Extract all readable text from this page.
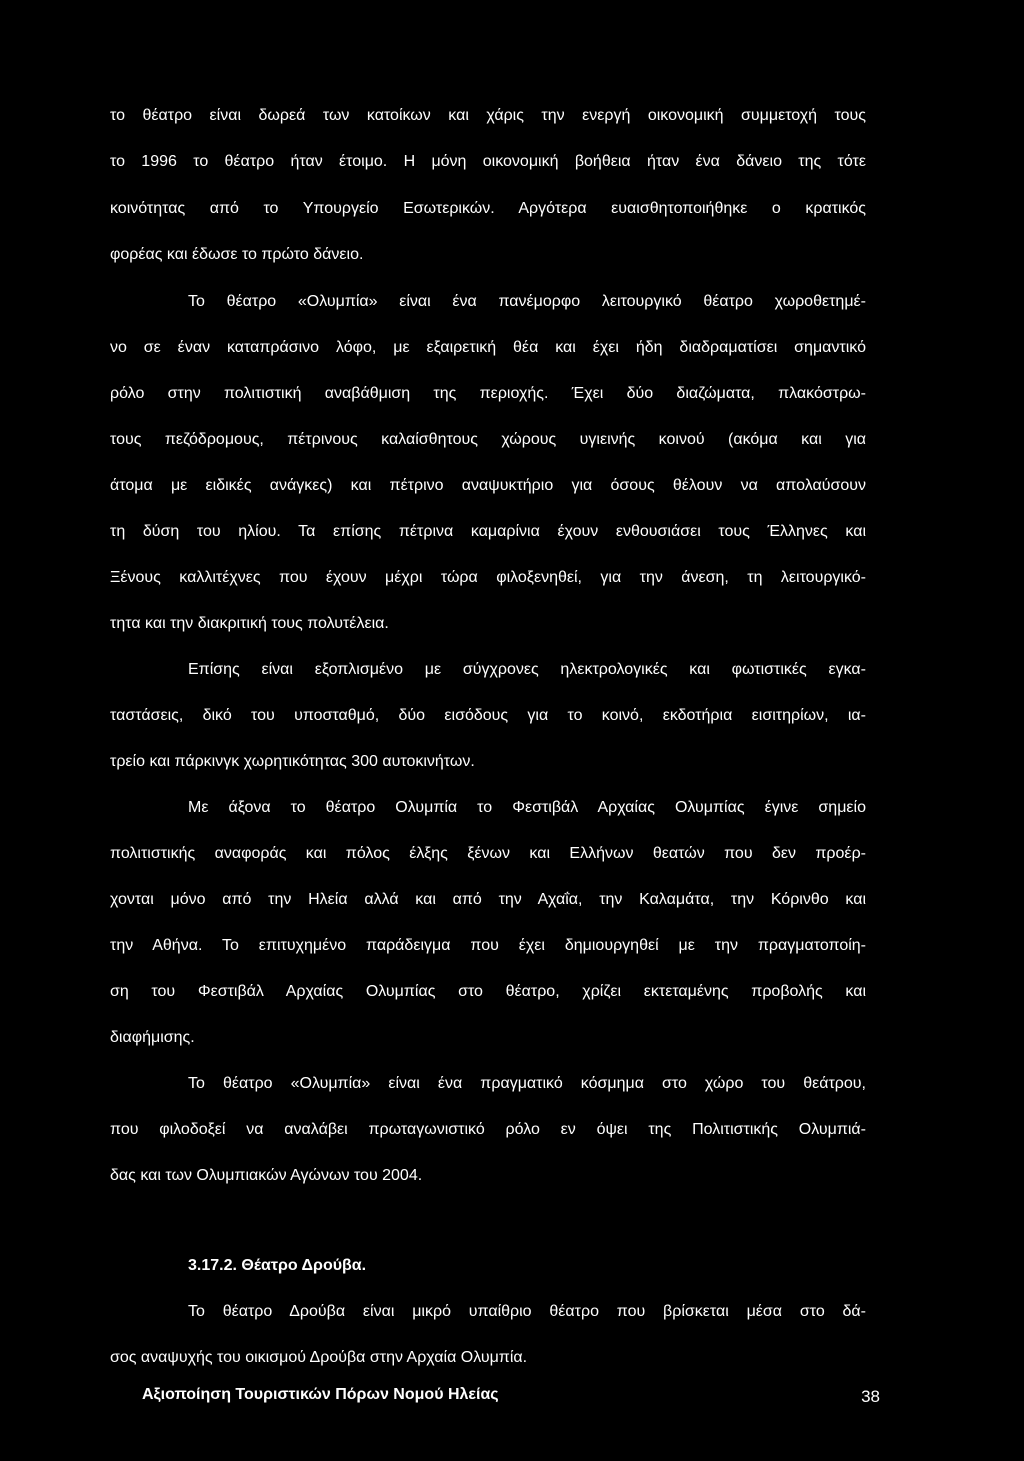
το θέατρο είναι δωρεά των κατοίκων και χάρις την ενεργή οικονομική συμμετοχή τους
το 1996 το θέατρο ήταν έτοιμο. Η μόνη οικονομική βοήθεια ήταν ένα δάνειο της τότε
κοινότητας από το Υπουργείο Εσωτερικών. Αργότερα ευαισθητοποιήθηκε ο κρατικός
φορέας και έδωσε το πρώτο δάνειο.
Το θέατρο «Ολυμπία» είναι ένα πανέμορφο λειτουργικό θέατρο χωροθετημέ-
νο σε έναν καταπράσινο λόφο, με εξαιρετική θέα και έχει ήδη διαδραματίσει σημαντικό
ρόλο στην πολιτιστική αναβάθμιση της περιοχής. Έχει δύο διαζώματα, πλακόστρω-
τους πεζόδρομους, πέτρινους καλαίσθητους χώρους υγιεινής κοινού (ακόμα και για
άτομα με ειδικές ανάγκες) και πέτρινο αναψυκτήριο για όσους θέλουν να απολαύσουν
τη δύση του ηλίου. Τα επίσης πέτρινα καμαρίνια έχουν ενθουσιάσει τους Έλληνες και
Ξένους καλλιτέχνες που έχουν μέχρι τώρα φιλοξενηθεί, για την άνεση, τη λειτουργικό-
τητα και την διακριτική τους πολυτέλεια.
Επίσης είναι εξοπλισμένο με σύγχρονες ηλεκτρολογικές και φωτιστικές εγκα-
ταστάσεις, δικό του υποσταθμό, δύο εισόδους για το κοινό, εκδοτήρια εισιτηρίων, ια-
τρείο και πάρκινγκ χωρητικότητας 300 αυτοκινήτων.
Με άξονα το θέατρο Ολυμπία το Φεστιβάλ Αρχαίας Ολυμπίας έγινε σημείο
πολιτιστικής αναφοράς και πόλος έλξης ξένων και Ελλήνων θεατών που δεν προέρ-
χονται μόνο από την Ηλεία αλλά και από την Αχαΐα, την Καλαμάτα, την Κόρινθο και
την Αθήνα. Το επιτυχημένο παράδειγμα που έχει δημιουργηθεί με την πραγματοποίη-
ση του Φεστιβάλ Αρχαίας Ολυμπίας στο θέατρο, χρίζει εκτεταμένης προβολής και
διαφήμισης.
Το θέατρο «Ολυμπία» είναι ένα πραγματικό κόσμημα στο χώρο του θεάτρου,
που φιλοδοξεί να αναλάβει πρωταγωνιστικό ρόλο εν όψει της Πολιτιστικής Ολυμπιά-
δας και των Ολυμπιακών Αγώνων του 2004.
3.17.2. Θέατρο Δρούβα.
Το θέατρο Δρούβα είναι μικρό υπαίθριο θέατρο που βρίσκεται μέσα στο δά-
σος αναψυχής του οικισμού Δρούβα στην Αρχαία Ολυμπία.
Αξιοποίηση Τουριστικών Πόρων Νομού Ηλείας	38
